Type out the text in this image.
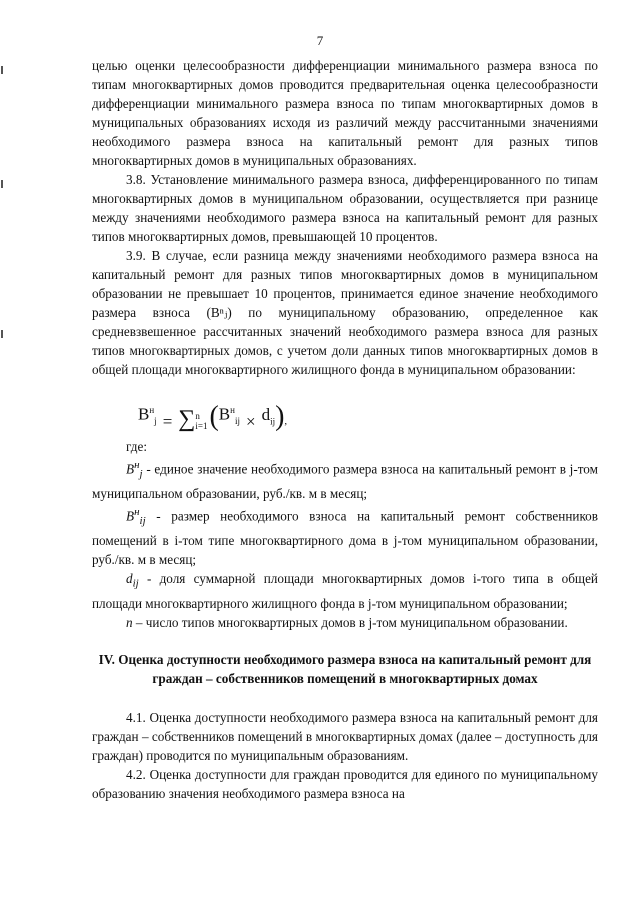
7

целью оценки целесообразности дифференциации минимального размера взноса по типам многоквартирных домов проводится предварительная оценка целесообразности дифференциации минимального размера взноса по типам многоквартирных домов в муниципальных образованиях исходя из различий между рассчитанными значениями необходимого размера взноса на капитальный ремонт для разных типов многоквартирных домов в муниципальных образованиях.

3.8. Установление минимального размера взноса, дифференцированного по типам многоквартирных домов в муниципальном образовании, осуществляется при разнице между значениями необходимого размера взноса на капитальный ремонт для разных типов многоквартирных домов, превышающей 10 процентов.

3.9. В случае, если разница между значениями необходимого размера взноса на капитальный ремонт для разных типов многоквартирных домов в муниципальном образовании не превышает 10 процентов, принимается единое значение необходимого размера взноса (Вⁿⱼ) по муниципальному образованию, определенное как средневзвешенное рассчитанных значений необходимого размера взноса для разных типов многоквартирных домов, с учетом доли данных типов многоквартирных домов в общей площади многоквартирного жилищного фонда в муниципальном образовании:

$В^н_j$ = ∑ n
i=1 ( $В^н_{ij} \times d_{ij}$ ) ,

где:

$B^н_j$ - единое значение необходимого размера взноса на капитальный ремонт в j-том муниципальном образовании, руб./кв. м в месяц;

$B^н_{ij}$ - размер необходимого взноса на капитальный ремонт собственников помещений в i-том типе многоквартирного дома в j-том муниципальном образовании, руб./кв. м в месяц;

$d_{ij}$ - доля суммарной площади многоквартирных домов i-того типа в общей площади многоквартирного жилищного фонда в j-том муниципальном образовании;

n – число типов многоквартирных домов в j-том муниципальном образовании.

IV. Оценка доступности необходимого размера взноса на капитальный ремонт для граждан – собственников помещений в многоквартирных домах

4.1. Оценка доступности необходимого размера взноса на капитальный ремонт для граждан – собственников помещений в многоквартирных домах (далее – доступность для граждан) проводится по муниципальным образованиям.

4.2. Оценка доступности для граждан проводится для единого по муниципальному образованию значения необходимого размера взноса на
